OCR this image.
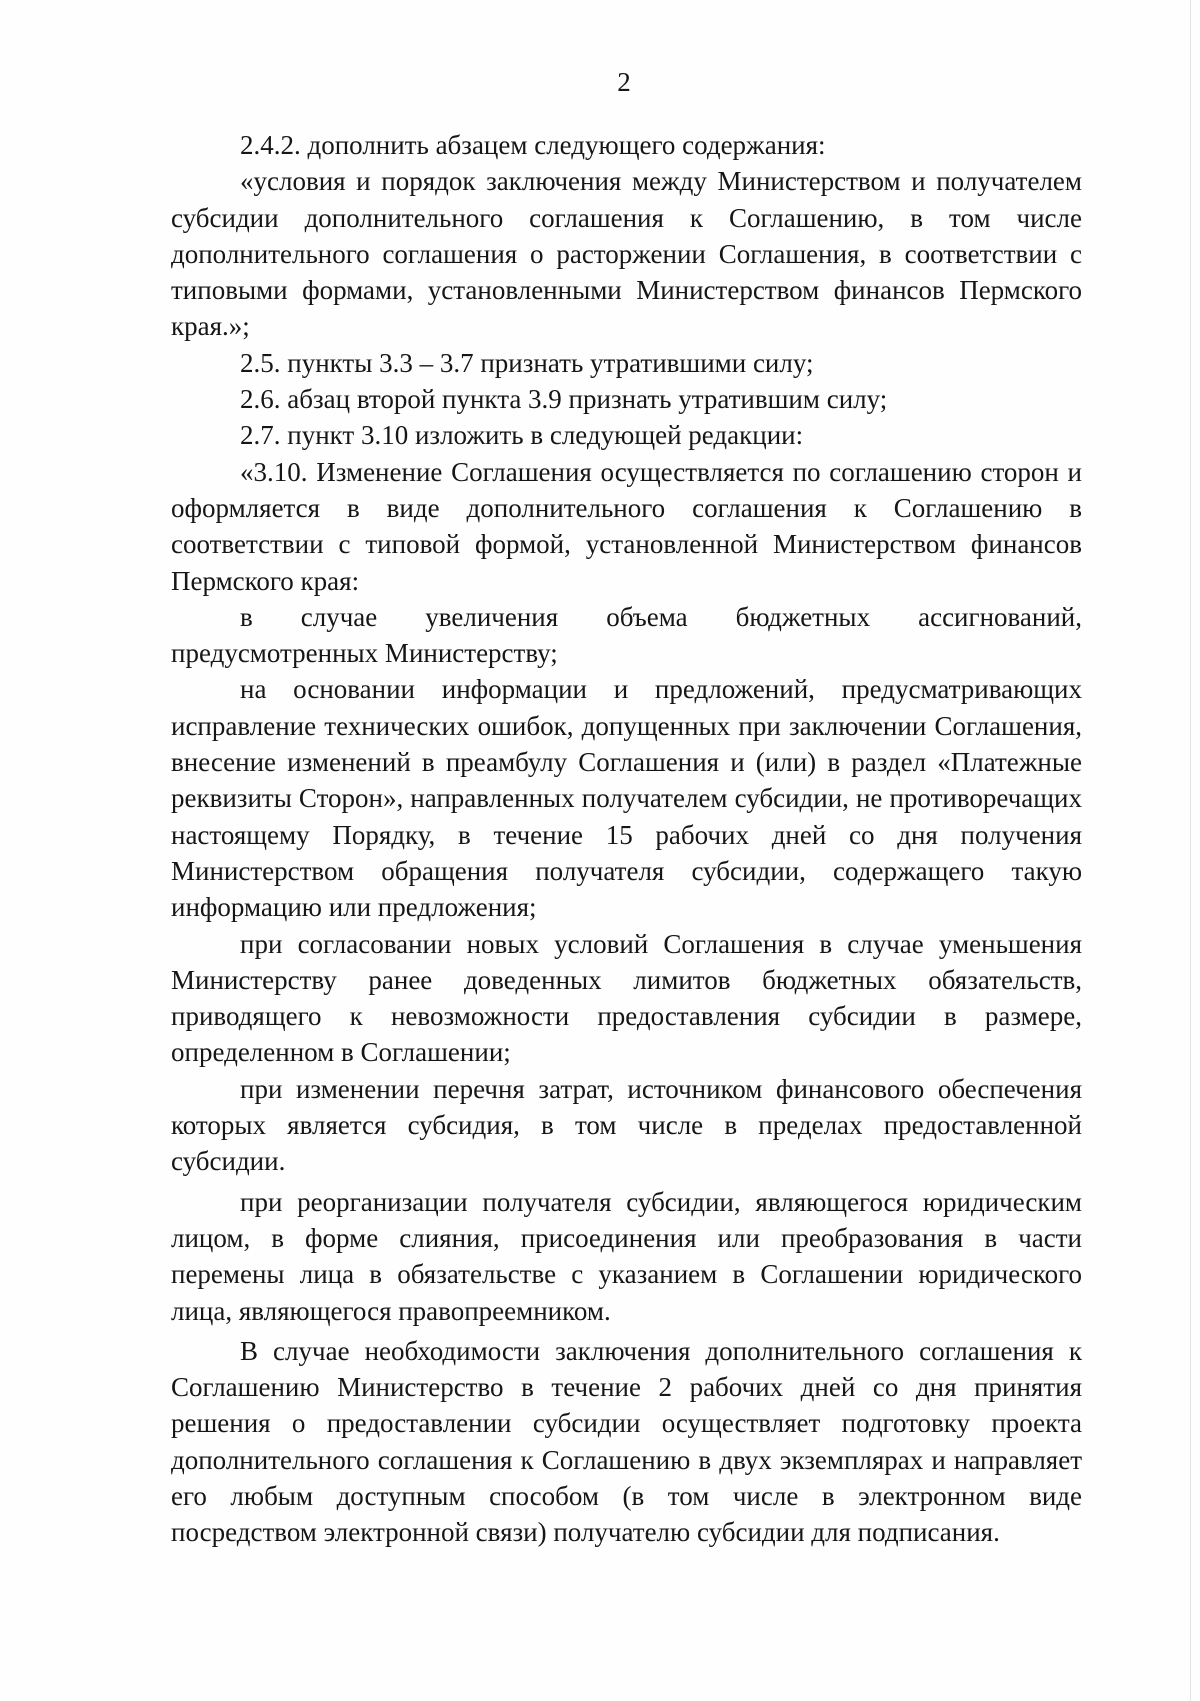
2

2.4.2. дополнить абзацем следующего содержания:

«условия и порядок заключения между Министерством и получателем субсидии дополнительного соглашения к Соглашению, в том числе дополнительного соглашения о расторжении Соглашения, в соответствии с типовыми формами, установленными Министерством финансов Пермского края.»;

2.5. пункты 3.3 – 3.7 признать утратившими силу;

2.6. абзац второй пункта 3.9 признать утратившим силу;

2.7. пункт 3.10 изложить в следующей редакции:

«3.10. Изменение Соглашения осуществляется по соглашению сторон и оформляется в виде дополнительного соглашения к Соглашению в соответствии с типовой формой, установленной Министерством финансов Пермского края:

в случае увеличения объема бюджетных ассигнований, предусмотренных Министерству;

на основании информации и предложений, предусматривающих исправление технических ошибок, допущенных при заключении Соглашения, внесение изменений в преамбулу Соглашения и (или) в раздел «Платежные реквизиты Сторон», направленных получателем субсидии, не противоречащих настоящему Порядку, в течение 15 рабочих дней со дня получения Министерством обращения получателя субсидии, содержащего такую информацию или предложения;

при согласовании новых условий Соглашения в случае уменьшения Министерству ранее доведенных лимитов бюджетных обязательств, приводящего к невозможности предоставления субсидии в размере, определенном в Соглашении;

при изменении перечня затрат, источником финансового обеспечения которых является субсидия, в том числе в пределах предоставленной субсидии.

при реорганизации получателя субсидии, являющегося юридическим лицом, в форме слияния, присоединения или преобразования в части перемены лица в обязательстве с указанием в Соглашении юридического лица, являющегося правопреемником.

В случае необходимости заключения дополнительного соглашения к Соглашению Министерство в течение 2 рабочих дней со дня принятия решения о предоставлении субсидии осуществляет подготовку проекта дополнительного соглашения к Соглашению в двух экземплярах и направляет его любым доступным способом (в том числе в электронном виде посредством электронной связи) получателю субсидии для подписания.
